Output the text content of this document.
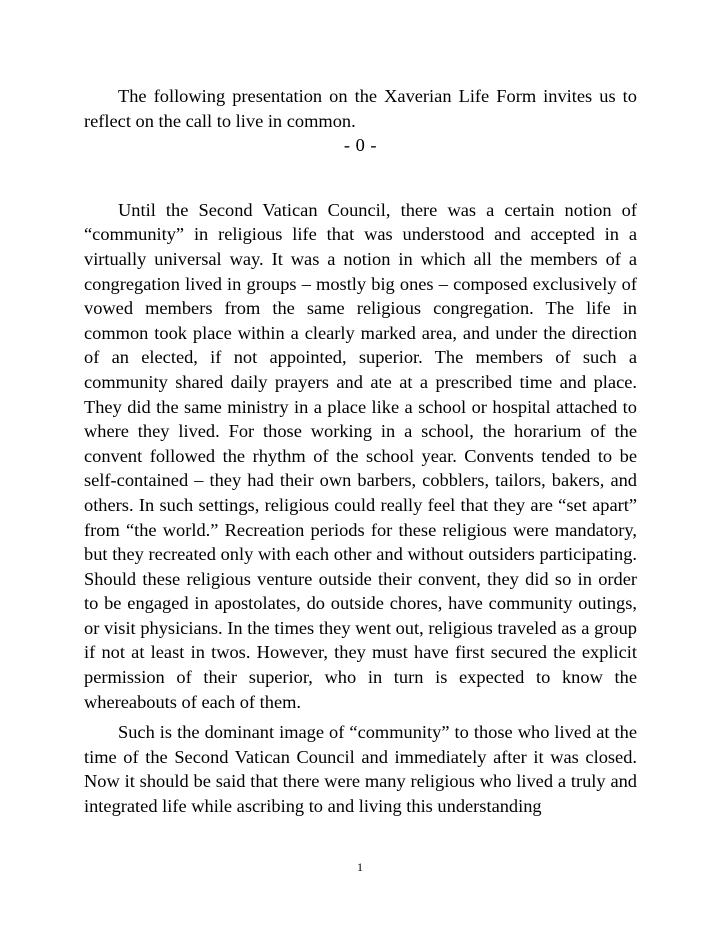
The following presentation on the Xaverian Life Form invites us to reflect on the call to live in common.

- 0 -

Until the Second Vatican Council, there was a certain notion of “community” in religious life that was understood and accepted in a virtually universal way. It was a notion in which all the members of a congregation lived in groups – mostly big ones – composed exclusively of vowed members from the same religious congregation. The life in common took place within a clearly marked area, and under the direction of an elected, if not appointed, superior. The members of such a community shared daily prayers and ate at a prescribed time and place. They did the same ministry in a place like a school or hospital attached to where they lived. For those working in a school, the horarium of the convent followed the rhythm of the school year. Convents tended to be self-contained – they had their own barbers, cobblers, tailors, bakers, and others. In such settings, religious could really feel that they are “set apart” from “the world.” Recreation periods for these religious were mandatory, but they recreated only with each other and without outsiders participating. Should these religious venture outside their convent, they did so in order to be engaged in apostolates, do outside chores, have community outings, or visit physicians. In the times they went out, religious traveled as a group if not at least in twos. However, they must have first secured the explicit permission of their superior, who in turn is expected to know the whereabouts of each of them.

Such is the dominant image of “community” to those who lived at the time of the Second Vatican Council and immediately after it was closed. Now it should be said that there were many religious who lived a truly and integrated life while ascribing to and living this understanding

1
